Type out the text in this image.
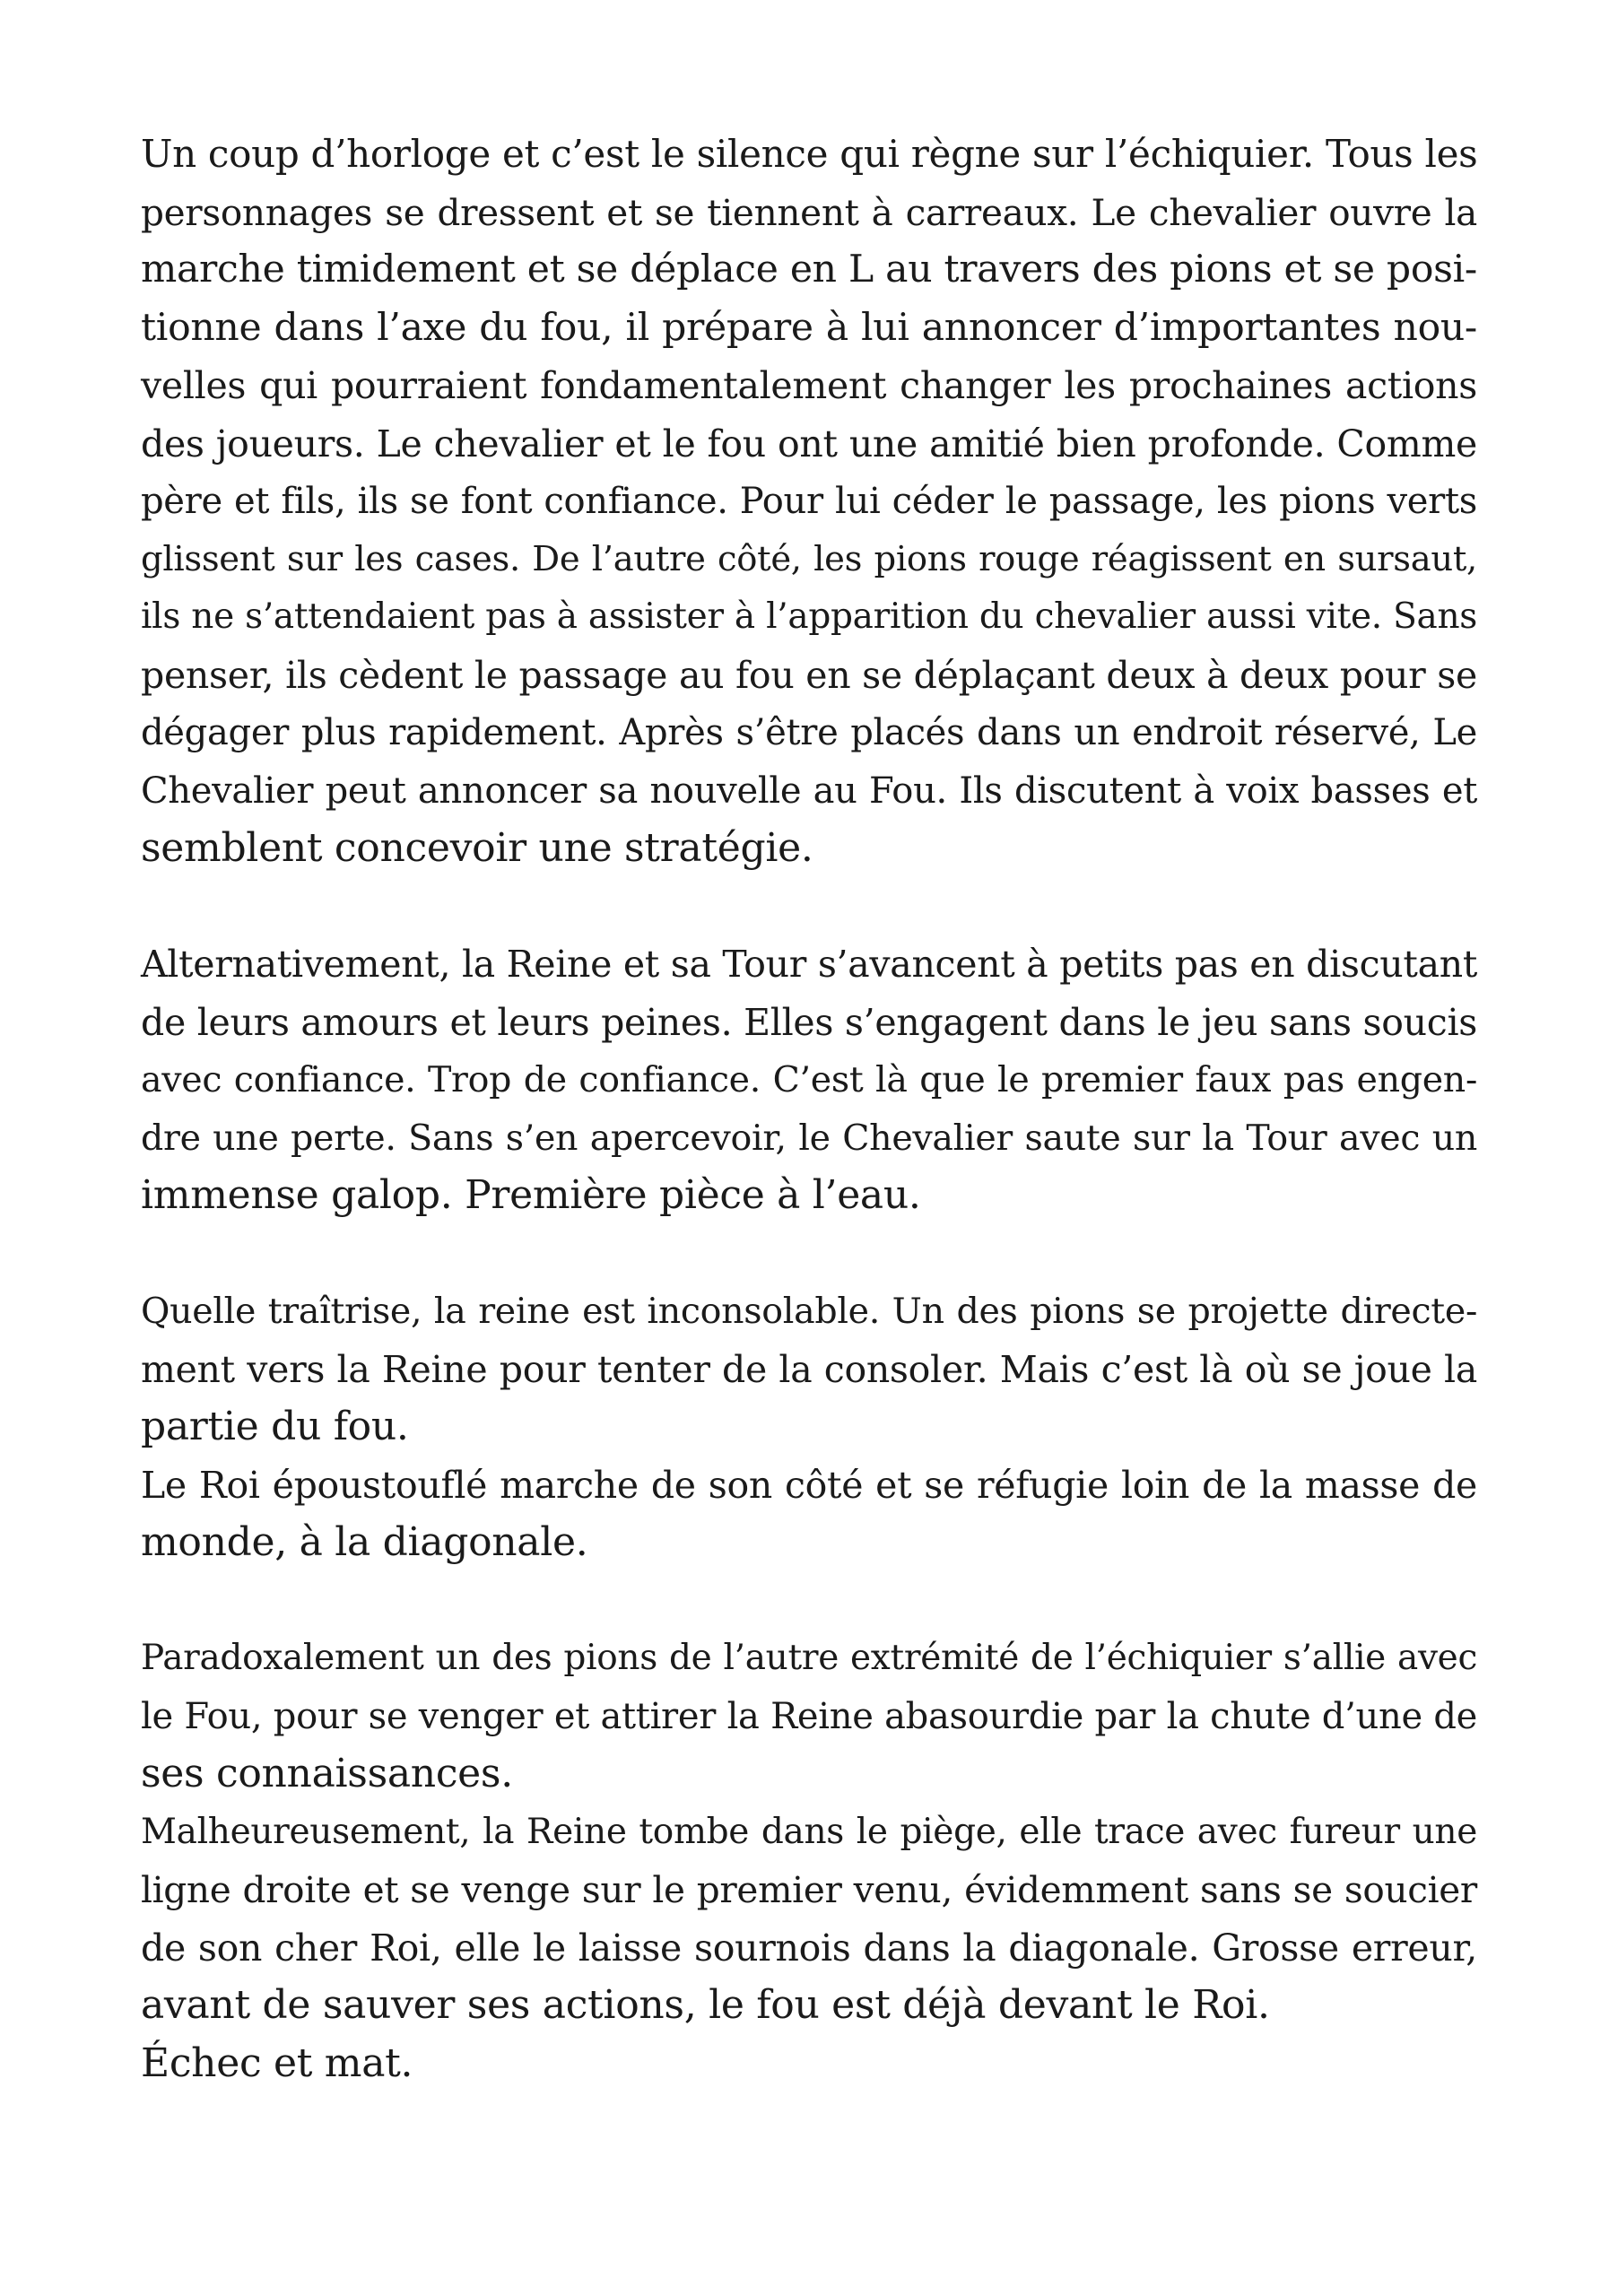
Un coup d’horloge et c’est le silence qui règne sur l’échiquier. Tous les
personnages se dressent et se tiennent à carreaux. Le chevalier ouvre la
marche timidement et se déplace en L au travers des pions et se posi-
tionne dans l’axe du fou, il prépare à lui annoncer d’importantes nou-
velles qui pourraient fondamentalement changer les prochaines actions
des joueurs. Le chevalier et le fou ont une amitié bien profonde. Comme
père et fils, ils se font confiance. Pour lui céder le passage, les pions verts
glissent sur les cases. De l’autre côté, les pions rouge réagissent en sursaut,
ils ne s’attendaient pas à assister à l’apparition du chevalier aussi vite. Sans
penser, ils cèdent le passage au fou en se déplaçant deux à deux pour se
dégager plus rapidement. Après s’être placés dans un endroit réservé, Le
Chevalier peut annoncer sa nouvelle au Fou. Ils discutent à voix basses et
semblent concevoir une stratégie.
Alternativement, la Reine et sa Tour s’avancent à petits pas en discutant
de leurs amours et leurs peines. Elles s’engagent dans le jeu sans soucis
avec confiance. Trop de confiance. C’est là que le premier faux pas engen-
dre une perte. Sans s’en apercevoir, le Chevalier saute sur la Tour avec un
immense galop. Première pièce à l’eau.
Quelle traîtrise, la reine est inconsolable. Un des pions se projette directe-
ment vers la Reine pour tenter de la consoler. Mais c’est là où se joue la
partie du fou.
Le Roi époustouflé marche de son côté et se réfugie loin de la masse de
monde, à la diagonale.
Paradoxalement un des pions de l’autre extrémité de l’échiquier s’allie avec
le Fou, pour se venger et attirer la Reine abasourdie par la chute d’une de
ses connaissances.
Malheureusement, la Reine tombe dans le piège, elle trace avec fureur une
ligne droite et se venge sur le premier venu, évidemment sans se soucier
de son cher Roi, elle le laisse sournois dans la diagonale. Grosse erreur,
avant de sauver ses actions, le fou est déjà devant le Roi.
Échec et mat.
